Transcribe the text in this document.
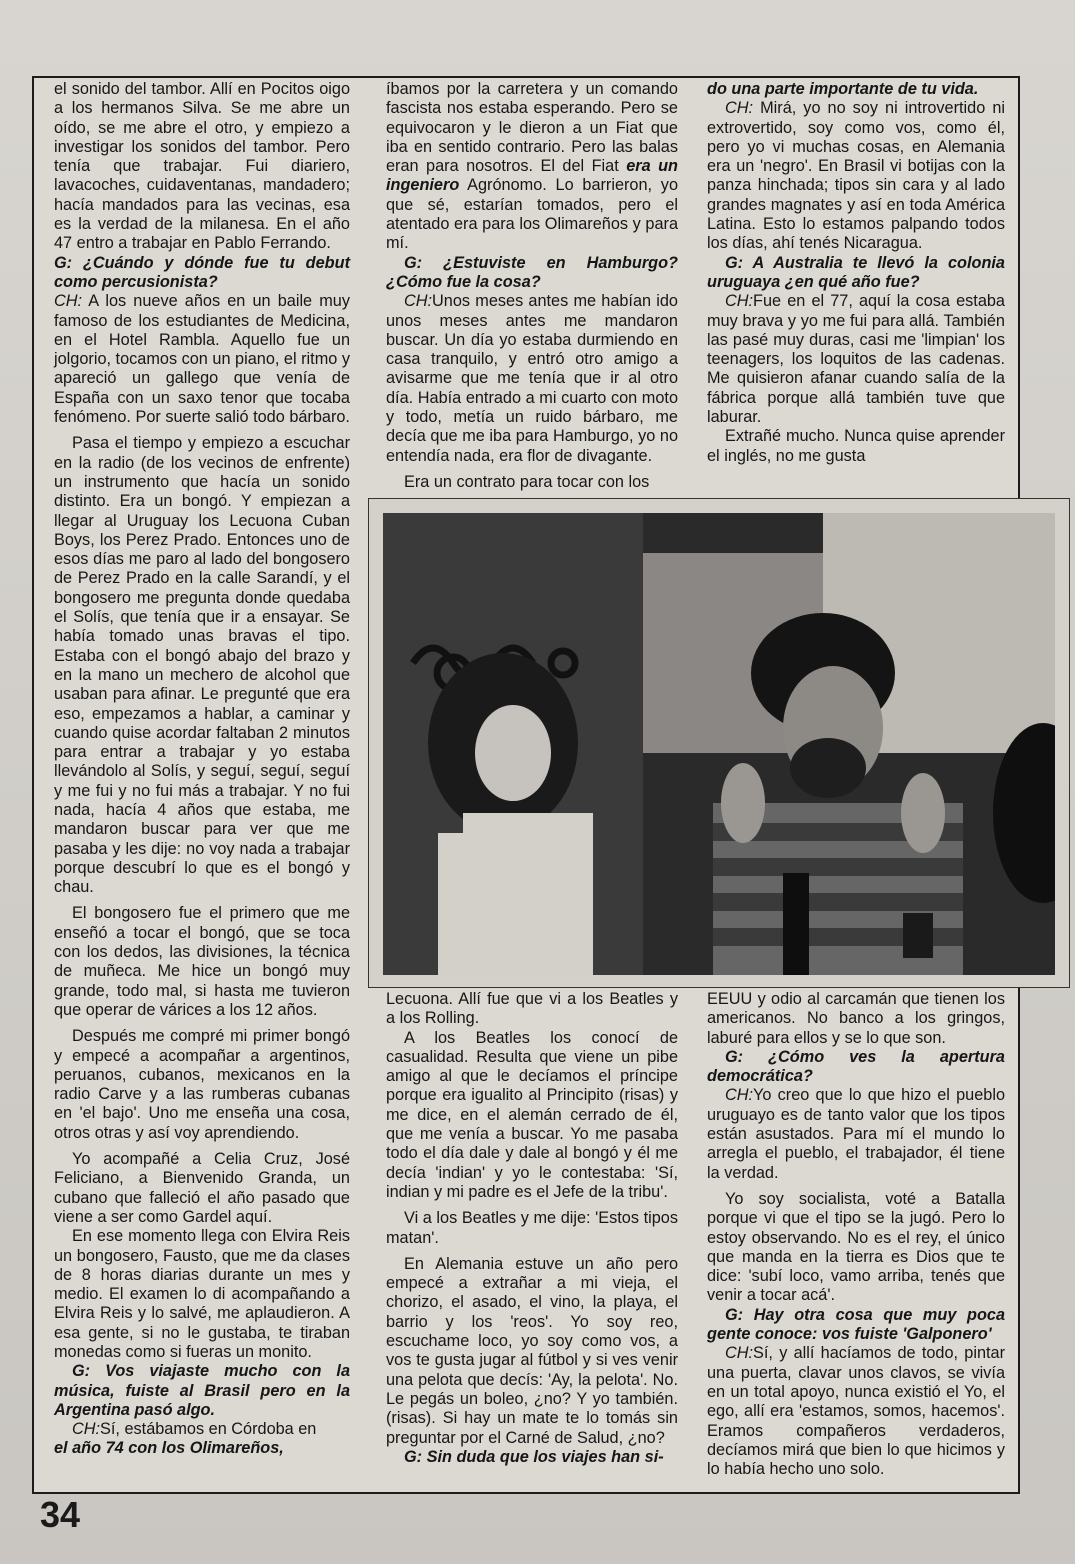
el sonido del tambor. Allí en Pocitos oigo a los hermanos Silva. Se me abre un oído, se me abre el otro, y empiezo a investigar los sonidos del tambor. Pero tenía que trabajar. Fui diariero, lavacoches, cuidaventanas, mandadero; hacía mandados para las vecinas, esa es la verdad de la milanesa. En el año 47 entro a trabajar en Pablo Ferrando.

G: ¿Cuándo y dónde fue tu debut como percusionista?

CH: A los nueve años en un baile muy famoso de los estudiantes de Medicina, en el Hotel Rambla. Aquello fue un jolgorio, tocamos con un piano, el ritmo y apareció un gallego que venía de España con un saxo tenor que tocaba fenómeno. Por suerte salió todo bárbaro.

Pasa el tiempo y empiezo a escuchar en la radio (de los vecinos de enfrente) un instrumento que hacía un sonido distinto. Era un bongó. Y empiezan a llegar al Uruguay los Lecuona Cuban Boys, los Perez Prado. Entonces uno de esos días me paro al lado del bongosero de Perez Prado en la calle Sarandí, y el bongosero me pregunta donde quedaba el Solís, que tenía que ir a ensayar. Se había tomado unas bravas el tipo. Estaba con el bongó abajo del brazo y en la mano un mechero de alcohol que usaban para afinar. Le pregunté que era eso, empezamos a hablar, a caminar y cuando quise acordar faltaban 2 minutos para entrar a trabajar y yo estaba llevándolo al Solís, y seguí, seguí, seguí y me fui y no fui más a trabajar. Y no fui nada, hacía 4 años que estaba, me mandaron buscar para ver que me pasaba y les dije: no voy nada a trabajar porque descubrí lo que es el bongó y chau.

El bongosero fue el primero que me enseñó a tocar el bongó, que se toca con los dedos, las divisiones, la técnica de muñeca. Me hice un bongó muy grande, todo mal, si hasta me tuvieron que operar de várices a los 12 años.

Después me compré mi primer bongó y empecé a acompañar a argentinos, peruanos, cubanos, mexicanos en la radio Carve y a las rumberas cubanas en 'el bajo'. Uno me enseña una cosa, otros otras y así voy aprendiendo.

Yo acompañé a Celia Cruz, José Feliciano, a Bienvenido Granda, un cubano que falleció el año pasado que viene a ser como Gardel aquí.

En ese momento llega con Elvira Reis un bongosero, Fausto, que me da clases de 8 horas diarias durante un mes y medio. El examen lo di acompañando a Elvira Reis y lo salvé, me aplaudieron. A esa gente, si no le gustaba, te tiraban monedas como si fueras un monito.

G: Vos viajaste mucho con la música, fuiste al Brasil pero en la Argentina pasó algo.

CH:Sí, estábamos en Córdoba en

el año 74 con los Olimareños,

íbamos por la carretera y un comando fascista nos estaba esperando. Pero se equivocaron y le dieron a un Fiat que iba en sentido contrario. Pero las balas eran para nosotros. El del Fiat era un ingeniero Agrónomo. Lo barrieron, yo que sé, estarían tomados, pero el atentado era para los Olimareños y para mí.

G: ¿Estuviste en Hamburgo? ¿Cómo fue la cosa?

CH:Unos meses antes me habían ido unos meses antes me mandaron buscar. Un día yo estaba durmiendo en casa tranquilo, y entró otro amigo a avisarme que me tenía que ir al otro día. Había entrado a mi cuarto con moto y todo, metía un ruido bárbaro, me decía que me iba para Hamburgo, yo no entendía nada, era flor de divagante.

Era un contrato para tocar con los

do una parte importante de tu vida.

CH: Mirá, yo no soy ni introvertido ni extrovertido, soy como vos, como él, pero yo vi muchas cosas, en Alemania era un 'negro'. En Brasil vi botijas con la panza hinchada; tipos sin cara y al lado grandes magnates y así en toda América Latina. Esto lo estamos palpando todos los días, ahí tenés Nicaragua.

G: A Australia te llevó la colonia uruguaya ¿en qué año fue?

CH:Fue en el 77, aquí la cosa estaba muy brava y yo me fui para allá. También las pasé muy duras, casi me 'limpian' los teenagers, los loquitos de las cadenas. Me quisieron afanar cuando salía de la fábrica porque allá también tuve que laburar.

Extrañé mucho. Nunca quise aprender el inglés, no me gusta

Lecuona. Allí fue que vi a los Beatles y a los Rolling.

A los Beatles los conocí de casualidad. Resulta que viene un pibe amigo al que le decíamos el príncipe porque era igualito al Principito (risas) y me dice, en el alemán cerrado de él, que me venía a buscar. Yo me pasaba todo el día dale y dale al bongó y él me decía 'indian' y yo le contestaba: 'Sí, indian y mi padre es el Jefe de la tribu'.

Vi a los Beatles y me dije: 'Estos tipos matan'.

En Alemania estuve un año pero empecé a extrañar a mi vieja, el chorizo, el asado, el vino, la playa, el barrio y los 'reos'. Yo soy reo, escuchame loco, yo soy como vos, a vos te gusta jugar al fútbol y si ves venir una pelota que decís: 'Ay, la pelota'. No. Le pegás un boleo, ¿no? Y yo también. (risas). Si hay un mate te lo tomás sin preguntar por el Carné de Salud, ¿no?

G: Sin duda que los viajes han si-

EEUU y odio al carcamán que tienen los americanos. No banco a los gringos, laburé para ellos y se lo que son.

G: ¿Cómo ves la apertura democrática?

CH:Yo creo que lo que hizo el pueblo uruguayo es de tanto valor que los tipos están asustados. Para mí el mundo lo arregla el pueblo, el trabajador, él tiene la verdad.

Yo soy socialista, voté a Batalla porque vi que el tipo se la jugó. Pero lo estoy observando. No es el rey, el único que manda en la tierra es Dios que te dice: 'subí loco, vamo arriba, tenés que venir a tocar acá'.

G: Hay otra cosa que muy poca gente conoce: vos fuiste 'Galponero'

CH:Sí, y allí hacíamos de todo, pintar una puerta, clavar unos clavos, se vivía en un total apoyo, nunca existió el Yo, el ego, allí era 'estamos, somos, hacemos'. Eramos compañeros verdaderos, decíamos mirá que bien lo que hicimos y lo había hecho uno solo.

34
